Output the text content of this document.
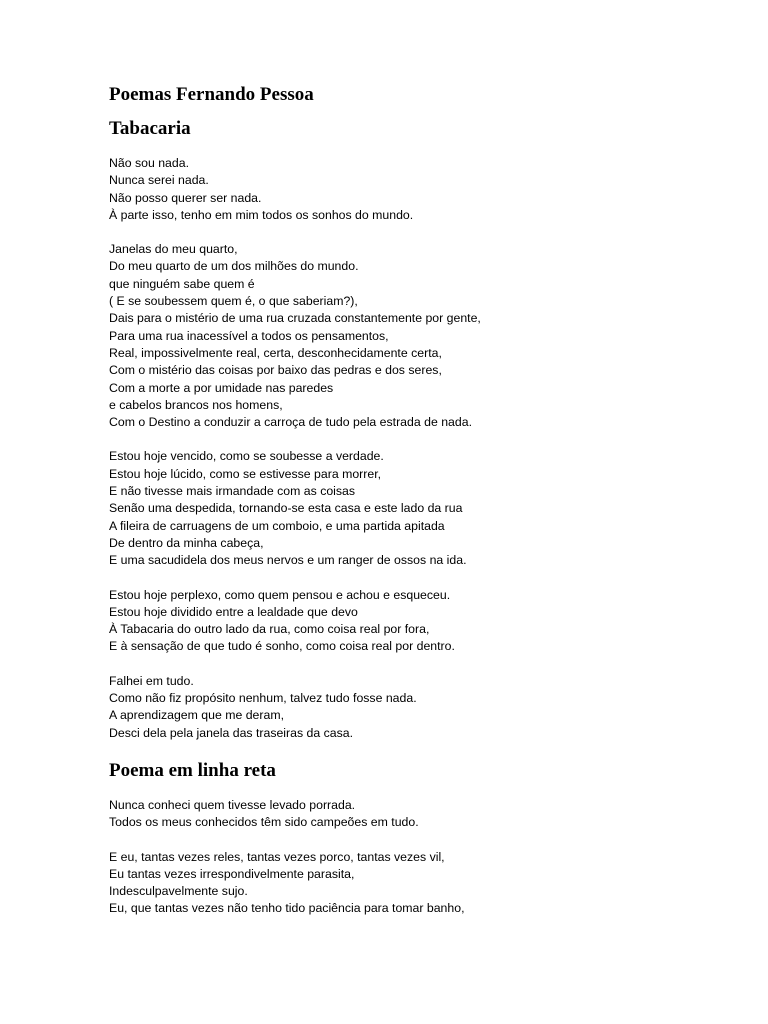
Poemas Fernando Pessoa
Tabacaria
Não sou nada.
Nunca serei nada.
Não posso querer ser nada.
À parte isso, tenho em mim todos os sonhos do mundo.
Janelas do meu quarto,
Do meu quarto de um dos milhões do mundo.
que ninguém sabe quem é
( E se soubessem quem é, o que saberiam?),
Dais para o mistério de uma rua cruzada constantemente por gente,
Para uma rua inacessível a todos os pensamentos,
Real, impossivelmente real, certa, desconhecidamente certa,
Com o mistério das coisas por baixo das pedras e dos seres,
Com a morte a por umidade nas paredes
e cabelos brancos nos homens,
Com o Destino a conduzir a carroça de tudo pela estrada de nada.
Estou hoje vencido, como se soubesse a verdade.
Estou hoje lúcido, como se estivesse para morrer,
E não tivesse mais irmandade com as coisas
Senão uma despedida, tornando-se esta casa e este lado da rua
A fileira de carruagens de um comboio, e uma partida apitada
De dentro da minha cabeça,
E uma sacudidela dos meus nervos e um ranger de ossos na ida.
Estou hoje perplexo, como quem pensou e achou e esqueceu.
Estou hoje dividido entre a lealdade que devo
À Tabacaria do outro lado da rua, como coisa real por fora,
E à sensação de que tudo é sonho, como coisa real por dentro.
Falhei em tudo.
Como não fiz propósito nenhum, talvez tudo fosse nada.
A aprendizagem que me deram,
Desci dela pela janela das traseiras da casa.
Poema em linha reta
Nunca conheci quem tivesse levado porrada.
Todos os meus conhecidos têm sido campeões em tudo.
E eu, tantas vezes reles, tantas vezes porco, tantas vezes vil,
Eu tantas vezes irrespondivelmente parasita,
Indesculpavelmente sujo.
Eu, que tantas vezes não tenho tido paciência para tomar banho,
